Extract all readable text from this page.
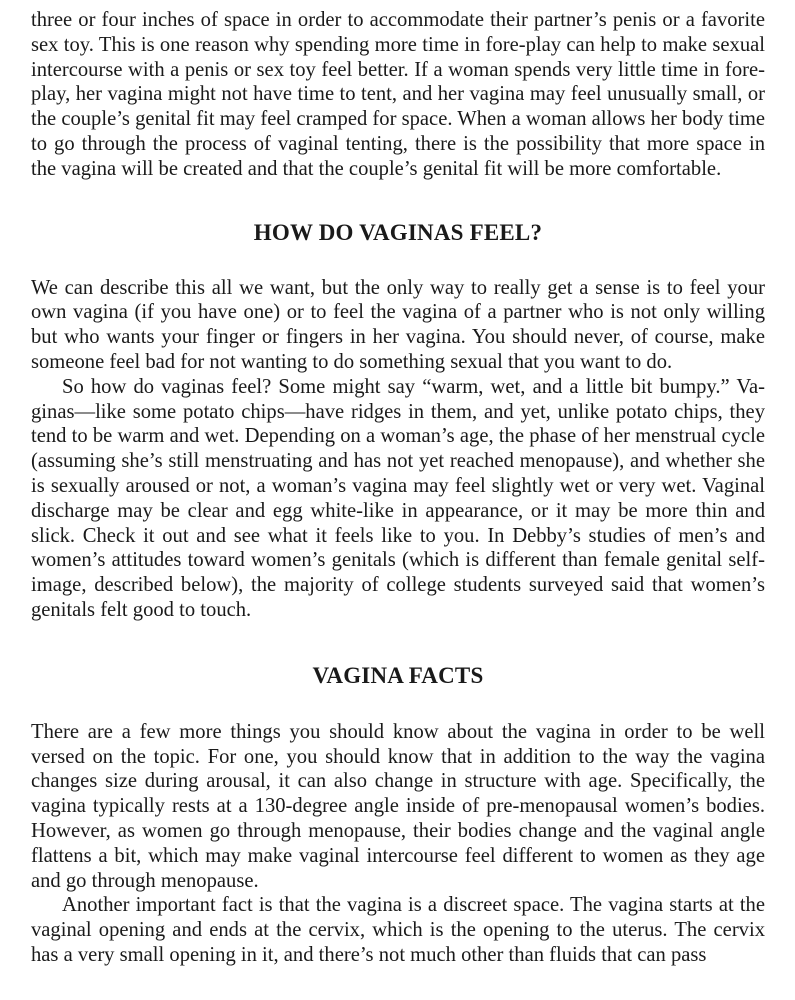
three or four inches of space in order to accommodate their partner’s penis or a favorite sex toy. This is one reason why spending more time in fore-play can help to make sexual intercourse with a penis or sex toy feel better. If a woman spends very little time in fore-play, her vagina might not have time to tent, and her vagina may feel unusually small, or the couple’s genital fit may feel cramped for space. When a woman allows her body time to go through the process of vaginal tenting, there is the possibility that more space in the vagina will be created and that the couple’s genital fit will be more comfortable.

HOW DO VAGINAS FEEL?

We can describe this all we want, but the only way to really get a sense is to feel your own vagina (if you have one) or to feel the vagina of a partner who is not only willing but who wants your finger or fingers in her vagina. You should never, of course, make someone feel bad for not wanting to do something sexual that you want to do.

So how do vaginas feel? Some might say “warm, wet, and a little bit bumpy.” Vaginas—like some potato chips—have ridges in them, and yet, unlike potato chips, they tend to be warm and wet. Depending on a woman’s age, the phase of her menstrual cycle (assuming she’s still menstruating and has not yet reached menopause), and whether she is sexually aroused or not, a woman’s vagina may feel slightly wet or very wet. Vaginal discharge may be clear and egg white-like in appearance, or it may be more thin and slick. Check it out and see what it feels like to you. In Debby’s studies of men’s and women’s attitudes toward women’s genitals (which is different than female genital self-image, described below), the majority of college students surveyed said that women’s genitals felt good to touch.

VAGINA FACTS

There are a few more things you should know about the vagina in order to be well versed on the topic. For one, you should know that in addition to the way the vagina changes size during arousal, it can also change in structure with age. Specifically, the vagina typically rests at a 130-degree angle inside of pre-menopausal women’s bodies. However, as women go through menopause, their bodies change and the vaginal angle flattens a bit, which may make vaginal intercourse feel different to women as they age and go through menopause.

Another important fact is that the vagina is a discreet space. The vagina starts at the vaginal opening and ends at the cervix, which is the opening to the uterus. The cervix has a very small opening in it, and there’s not much other than fluids that can pass
